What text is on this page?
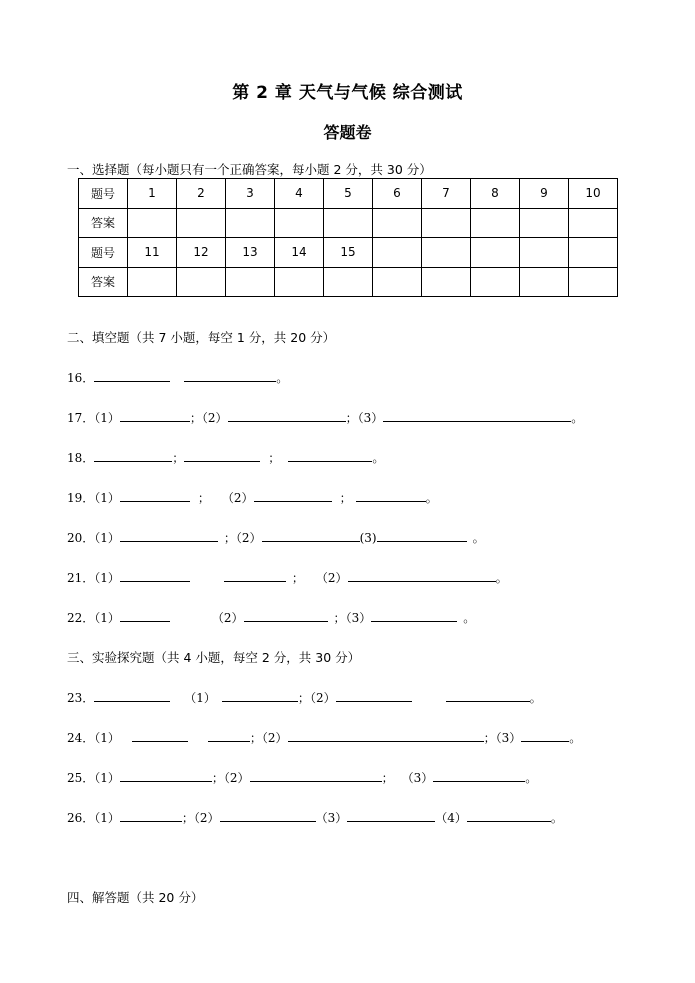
第 2 章 天气与气候 综合测试
答题卷
一、选择题（每小题只有一个正确答案，每小题 2 分，共 30 分）
题号	1	2	3	4	5	6	7	8	9	10
答案										
题号	11	12	13	14	15					
答案										
二、填空题（共 7 小题，每空 1 分，共 20 分）
16．	。
17．（1）	；（2）	；（3）	。
18．	；	；	。
19．（1）	； （2）	；	。
20．（1）	；（2）	(3)	。
21．（1）	； （2）	。
22．（1）	（2）	；（3）	。
三、实验探究题（共 4 小题，每空 2 分，共 30 分）
23．	（1）	；（2）	。
24．（1）	；（2）	；（3）	。
25．（1）	；（2）	； （3）	。
26．（1）	；（2）	（3）	（4）	。
四、解答题（共 20 分）
